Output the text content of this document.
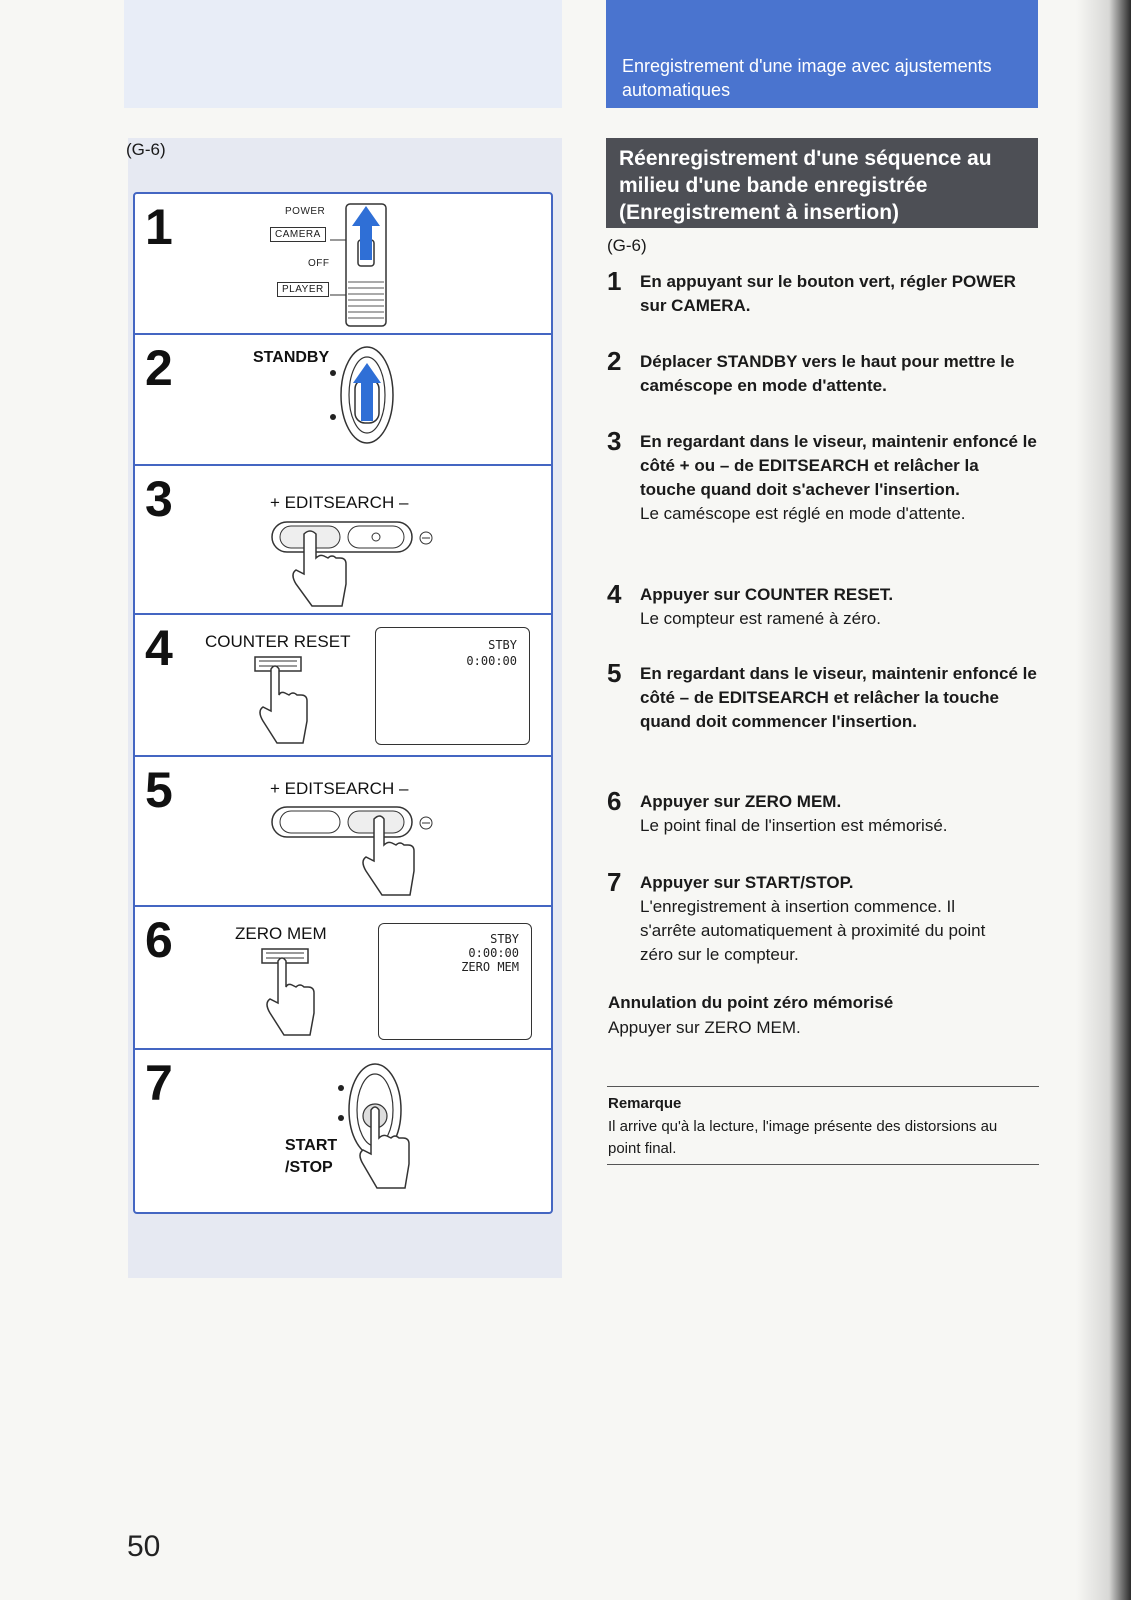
(G-6)
1	POWER
CAMERA
OFF
PLAYER
2	STANDBY
3	+ EDITSEARCH –
4 COUNTER RESET	STBY
0:00:00
5	+ EDITSEARCH –
6	ZERO MEM	STBY
0:00:00
ZERO MEM
7
START
/STOP
50
Enregistrement d'une image avec ajustements automatiques
Réenregistrement d'une séquence au milieu d'une bande enregistrée (Enregistrement à insertion)
(G-6)
1 En appuyant sur le bouton vert, régler POWER sur CAMERA.
2 Déplacer STANDBY vers le haut pour mettre le caméscope en mode d'attente.
3 En regardant dans le viseur, maintenir enfoncé le côté + ou – de EDITSEARCH et relâcher la touche quand doit s'achever l'insertion.
Le caméscope est réglé en mode d'attente.
4 Appuyer sur COUNTER RESET.
Le compteur est ramené à zéro.
5 En regardant dans le viseur, maintenir enfoncé le côté – de EDITSEARCH et relâcher la touche quand doit commencer l'insertion.
6 Appuyer sur ZERO MEM.
Le point final de l'insertion est mémorisé.
7 Appuyer sur START/STOP.
L'enregistrement à insertion commence. Il s'arrête automatiquement à proximité du point zéro sur le compteur.
Annulation du point zéro mémorisé
Appuyer sur ZERO MEM.
Remarque
Il arrive qu'à la lecture, l'image présente des distorsions au point final.
